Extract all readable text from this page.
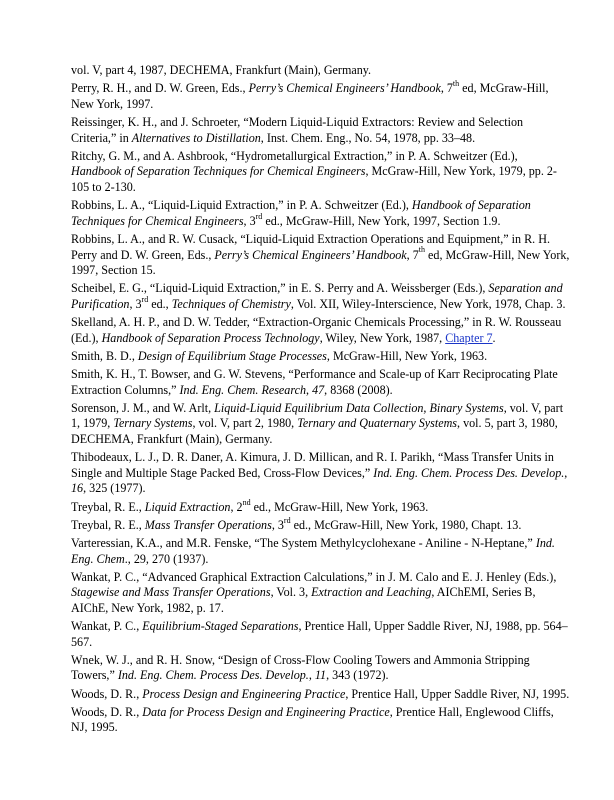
vol. V, part 4, 1987, DECHEMA, Frankfurt (Main), Germany.

Perry, R. H., and D. W. Green, Eds., Perry’s Chemical Engineers’ Handbook, 7th ed, McGraw-Hill, New York, 1997.

Reissinger, K. H., and J. Schroeter, “Modern Liquid-Liquid Extractors: Review and Selection Criteria,” in Alternatives to Distillation, Inst. Chem. Eng., No. 54, 1978, pp. 33–48.

Ritchy, G. M., and A. Ashbrook, “Hydrometallurgical Extraction,” in P. A. Schweitzer (Ed.), Handbook of Separation Techniques for Chemical Engineers, McGraw-Hill, New York, 1979, pp. 2-105 to 2-130.

Robbins, L. A., “Liquid-Liquid Extraction,” in P. A. Schweitzer (Ed.), Handbook of Separation Techniques for Chemical Engineers, 3rd ed., McGraw-Hill, New York, 1997, Section 1.9.

Robbins, L. A., and R. W. Cusack, “Liquid-Liquid Extraction Operations and Equipment,” in R. H. Perry and D. W. Green, Eds., Perry’s Chemical Engineers’ Handbook, 7th ed, McGraw-Hill, New York, 1997, Section 15.

Scheibel, E. G., “Liquid-Liquid Extraction,” in E. S. Perry and A. Weissberger (Eds.), Separation and Purification, 3rd ed., Techniques of Chemistry, Vol. XII, Wiley-Interscience, New York, 1978, Chap. 3.

Skelland, A. H. P., and D. W. Tedder, “Extraction-Organic Chemicals Processing,” in R. W. Rousseau (Ed.), Handbook of Separation Process Technology, Wiley, New York, 1987, Chapter 7.

Smith, B. D., Design of Equilibrium Stage Processes, McGraw-Hill, New York, 1963.

Smith, K. H., T. Bowser, and G. W. Stevens, “Performance and Scale-up of Karr Reciprocating Plate Extraction Columns,” Ind. Eng. Chem. Research, 47, 8368 (2008).

Sorenson, J. M., and W. Arlt, Liquid-Liquid Equilibrium Data Collection, Binary Systems, vol. V, part 1, 1979, Ternary Systems, vol. V, part 2, 1980, Ternary and Quaternary Systems, vol. 5, part 3, 1980, DECHEMA, Frankfurt (Main), Germany.

Thibodeaux, L. J., D. R. Daner, A. Kimura, J. D. Millican, and R. I. Parikh, “Mass Transfer Units in Single and Multiple Stage Packed Bed, Cross-Flow Devices,” Ind. Eng. Chem. Process Des. Develop., 16, 325 (1977).

Treybal, R. E., Liquid Extraction, 2nd ed., McGraw-Hill, New York, 1963.

Treybal, R. E., Mass Transfer Operations, 3rd ed., McGraw-Hill, New York, 1980, Chapt. 13.

Varteressian, K.A., and M.R. Fenske, “The System Methylcyclohexane - Aniline - N-Heptane,” Ind. Eng. Chem., 29, 270 (1937).

Wankat, P. C., “Advanced Graphical Extraction Calculations,” in J. M. Calo and E. J. Henley (Eds.), Stagewise and Mass Transfer Operations, Vol. 3, Extraction and Leaching, AIChEMI, Series B, AIChE, New York, 1982, p. 17.

Wankat, P. C., Equilibrium-Staged Separations, Prentice Hall, Upper Saddle River, NJ, 1988, pp. 564–567.

Wnek, W. J., and R. H. Snow, “Design of Cross-Flow Cooling Towers and Ammonia Stripping Towers,” Ind. Eng. Chem. Process Des. Develop., 11, 343 (1972).

Woods, D. R., Process Design and Engineering Practice, Prentice Hall, Upper Saddle River, NJ, 1995.

Woods, D. R., Data for Process Design and Engineering Practice, Prentice Hall, Englewood Cliffs, NJ, 1995.
